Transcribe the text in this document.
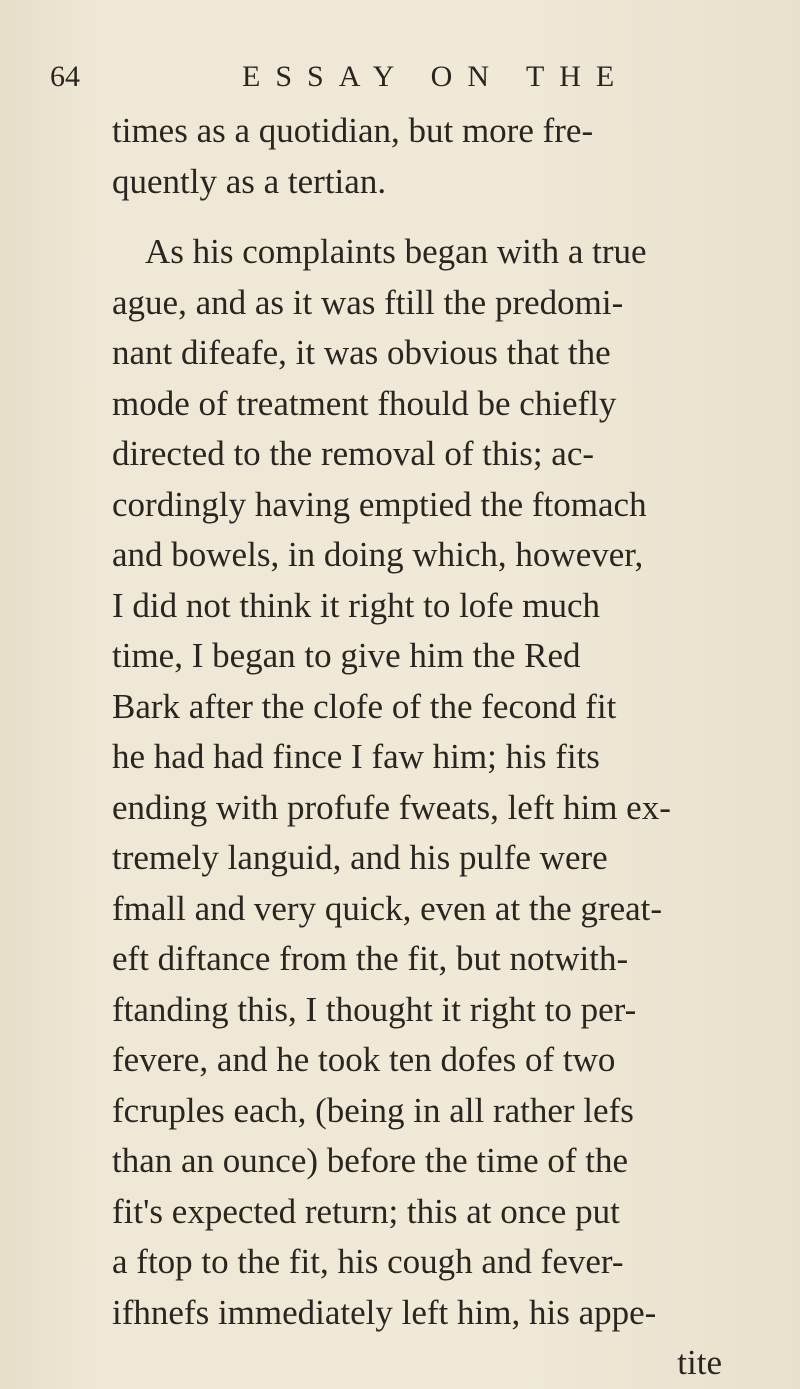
64	ESSAY ON THE
times as a quotidian, but more fre-
quently as a tertian.
As his complaints began with a true
ague, and as it was ftill the predomi-
nant difeafe, it was obvious that the
mode of treatment fhould be chiefly
directed to the removal of this; ac-
cordingly having emptied the ftomach
and bowels, in doing which, however,
I did not think it right to lofe much
time, I began to give him the Red
Bark after the clofe of the fecond fit
he had had fince I faw him; his fits
ending with profufe fweats, left him ex-
tremely languid, and his pulfe were
fmall and very quick, even at the great-
eft diftance from the fit, but notwith-
ftanding this, I thought it right to per-
fevere, and he took ten dofes of two
fcruples each, (being in all rather lefs
than an ounce) before the time of the
fit's expected return; this at once put
a ftop to the fit, his cough and fever-
ifhnefs immediately left him, his appe-
tite
